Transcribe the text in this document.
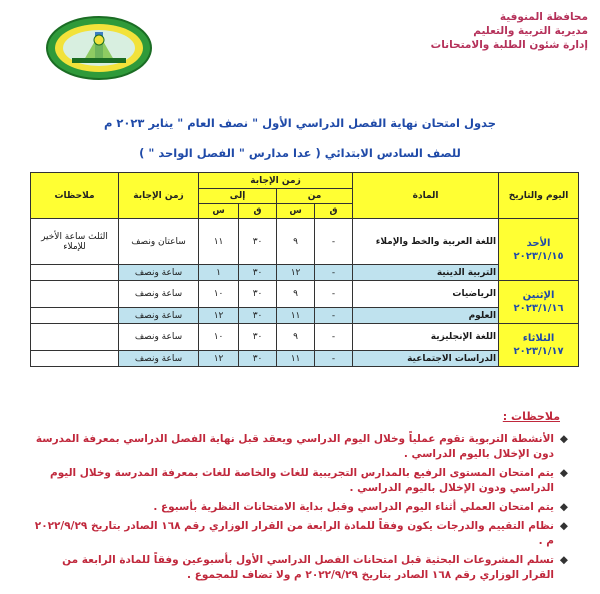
محافظة المنوفية
مديرية التربية والتعليم
إدارة شئون الطلبة والامتحانات
جدول امتحان نهاية الفصل الدراسي الأول " نصف العام " يناير ٢٠٢٣ م
للصف السادس الابتدائي ( عدا مدارس " الفصل الواحد " )
اليوم والتاريخ	المادة	زمن الإجابة				زمن الإجابة	ملاحظات
		من		إلى			
		ق	س	ق	س		

الأحد
٢٠٢٣/١/١٥	اللغة العربية والخط والإملاء	-	٩	٣٠	١١	ساعتان ونصف	الثلث ساعة الأخير للإملاء
	التربية الدينية	-	١٢	٣٠	١	ساعة ونصف	

الإثنين
٢٠٢٣/١/١٦	الرياضيات	-	٩	٣٠	١٠	ساعة ونصف	
	العلوم	-	١١	٣٠	١٢	ساعة ونصف	

الثلاثاء
٢٠٢٣/١/١٧	اللغة الإنجليزية	-	٩	٣٠	١٠	ساعة ونصف	
	الدراسات الاجتماعية	-	١١	٣٠	١٢	ساعة ونصف	
ملاحظات :
◆
الأنشطة التربوية تقوم عملياً وخلال اليوم الدراسي ويعقد قبل نهاية الفصل الدراسي بمعرفة المدرسة دون الإخلال باليوم الدراسي .
◆
يتم امتحان المستوى الرفيع بالمدارس التجريبية للغات والخاصة للغات بمعرفة المدرسة وخلال اليوم الدراسي ودون الإخلال باليوم الدراسي .
◆
يتم امتحان العملي أثناء اليوم الدراسي وقبل بداية الامتحانات النظرية بأسبوع .
◆
نظام التقييم والدرجات يكون وفقاً للمادة الرابعة من القرار الوزاري رقم ١٦٨ الصادر بتاريخ ٢٠٢٢/٩/٢٩ م .
◆
تسلم المشروعات البحثية قبل امتحانات الفصل الدراسي الأول بأسبوعين وفقاً للمادة الرابعة من القرار الوزاري رقم ١٦٨ الصادر بتاريخ ٢٠٢٢/٩/٢٩ م ولا تضاف للمجموع .
